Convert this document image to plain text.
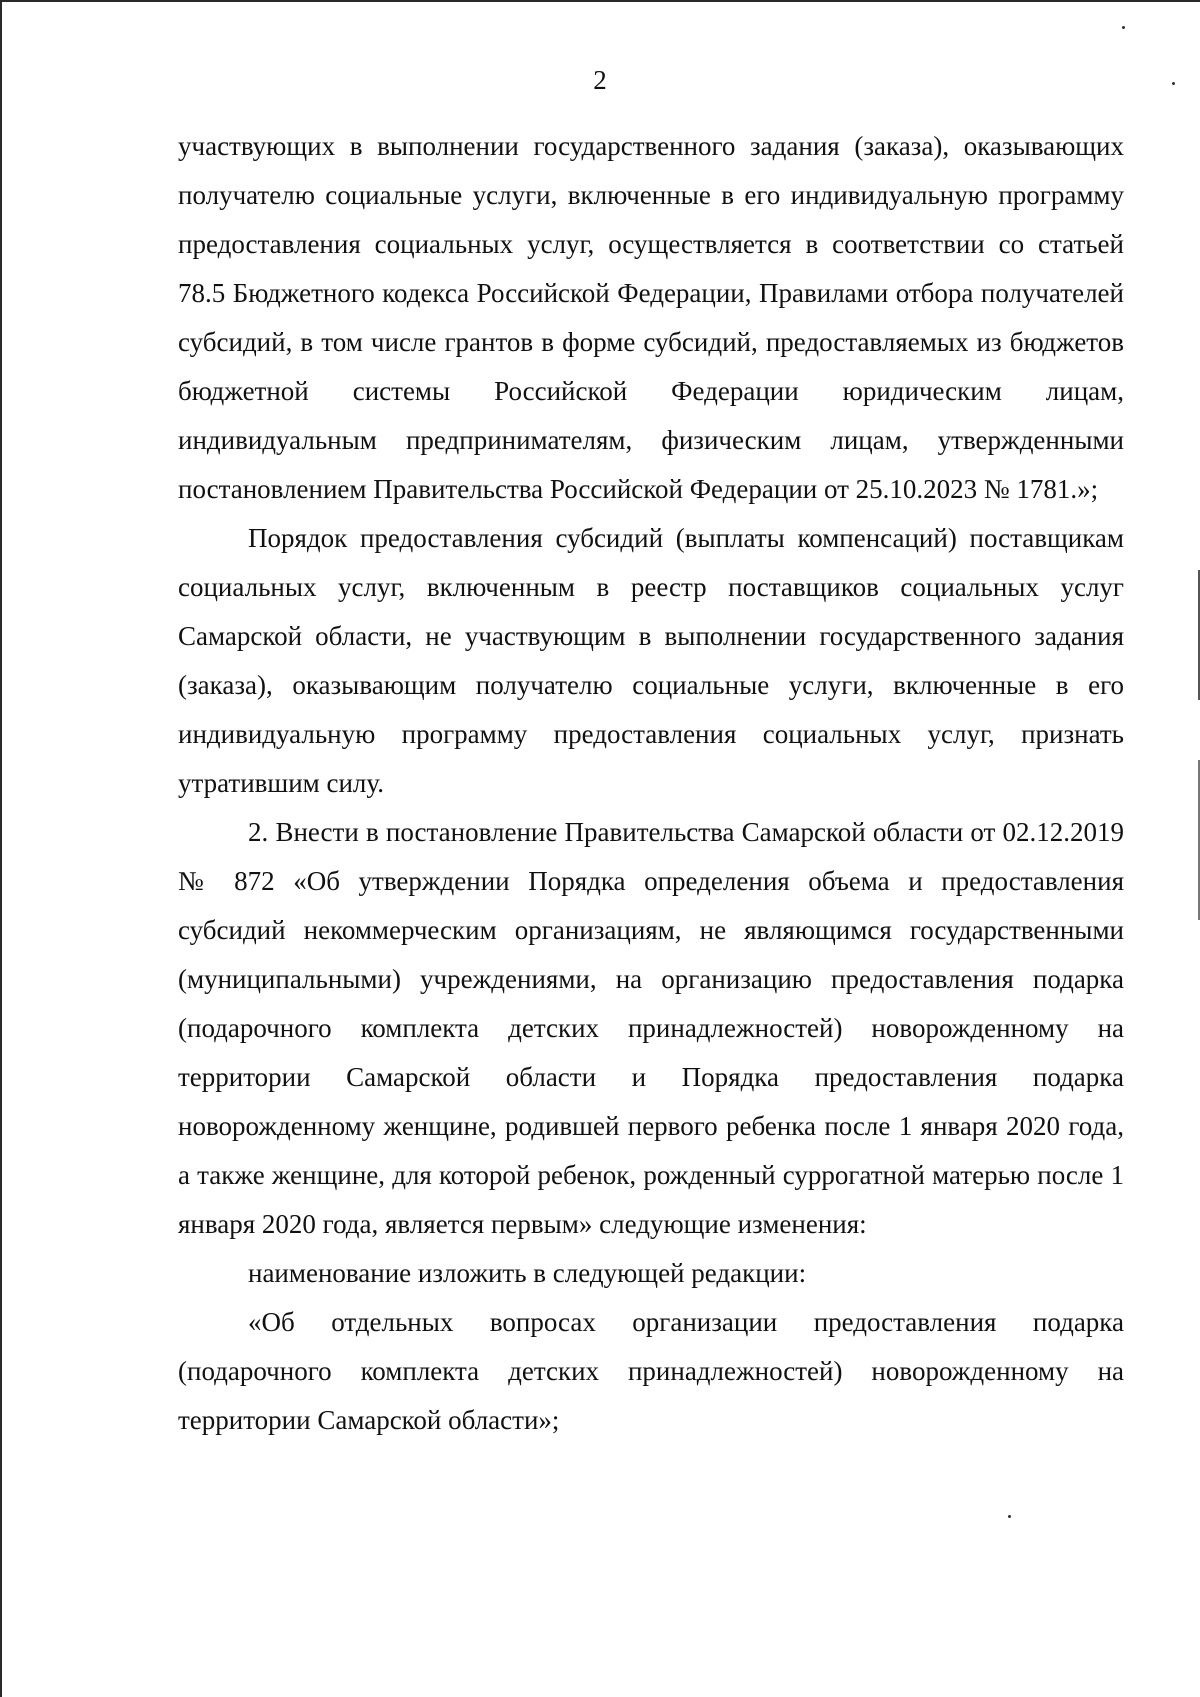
2

участвующих в выполнении государственного задания (заказа), оказывающих получателю социальные услуги, включенные в его индивидуальную программу предоставления социальных услуг, осуществляется в соответствии со статьей 78.5 Бюджетного кодекса Российской Федерации, Правилами отбора получателей субсидий, в том числе грантов в форме субсидий, предоставляемых из бюджетов бюджетной системы Российской Федерации юридическим лицам, индивидуальным предпринимателям, физическим лицам, утвержденными постановлением Правительства Российской Федерации от 25.10.2023 № 1781.»;

Порядок предоставления субсидий (выплаты компенсаций) поставщикам социальных услуг, включенным в реестр поставщиков социальных услуг Самарской области, не участвующим в выполнении государственного задания (заказа), оказывающим получателю социальные услуги, включенные в его индивидуальную программу предоставления социальных услуг, признать утратившим силу.

2. Внести в постановление Правительства Самарской области от 02.12.2019 № 872 «Об утверждении Порядка определения объема и предоставления субсидий некоммерческим организациям, не являющимся государственными (муниципальными) учреждениями, на организацию предоставления подарка (подарочного комплекта детских принадлежностей) новорожденному на территории Самарской области и Порядка предоставления подарка новорожденному женщине, родившей первого ребенка после 1 января 2020 года, а также женщине, для которой ребенок, рожденный суррогатной матерью после 1 января 2020 года, является первым» следующие изменения:

наименование изложить в следующей редакции:

«Об отдельных вопросах организации предоставления подарка (подарочного комплекта детских принадлежностей) новорожденному на территории Самарской области»;
